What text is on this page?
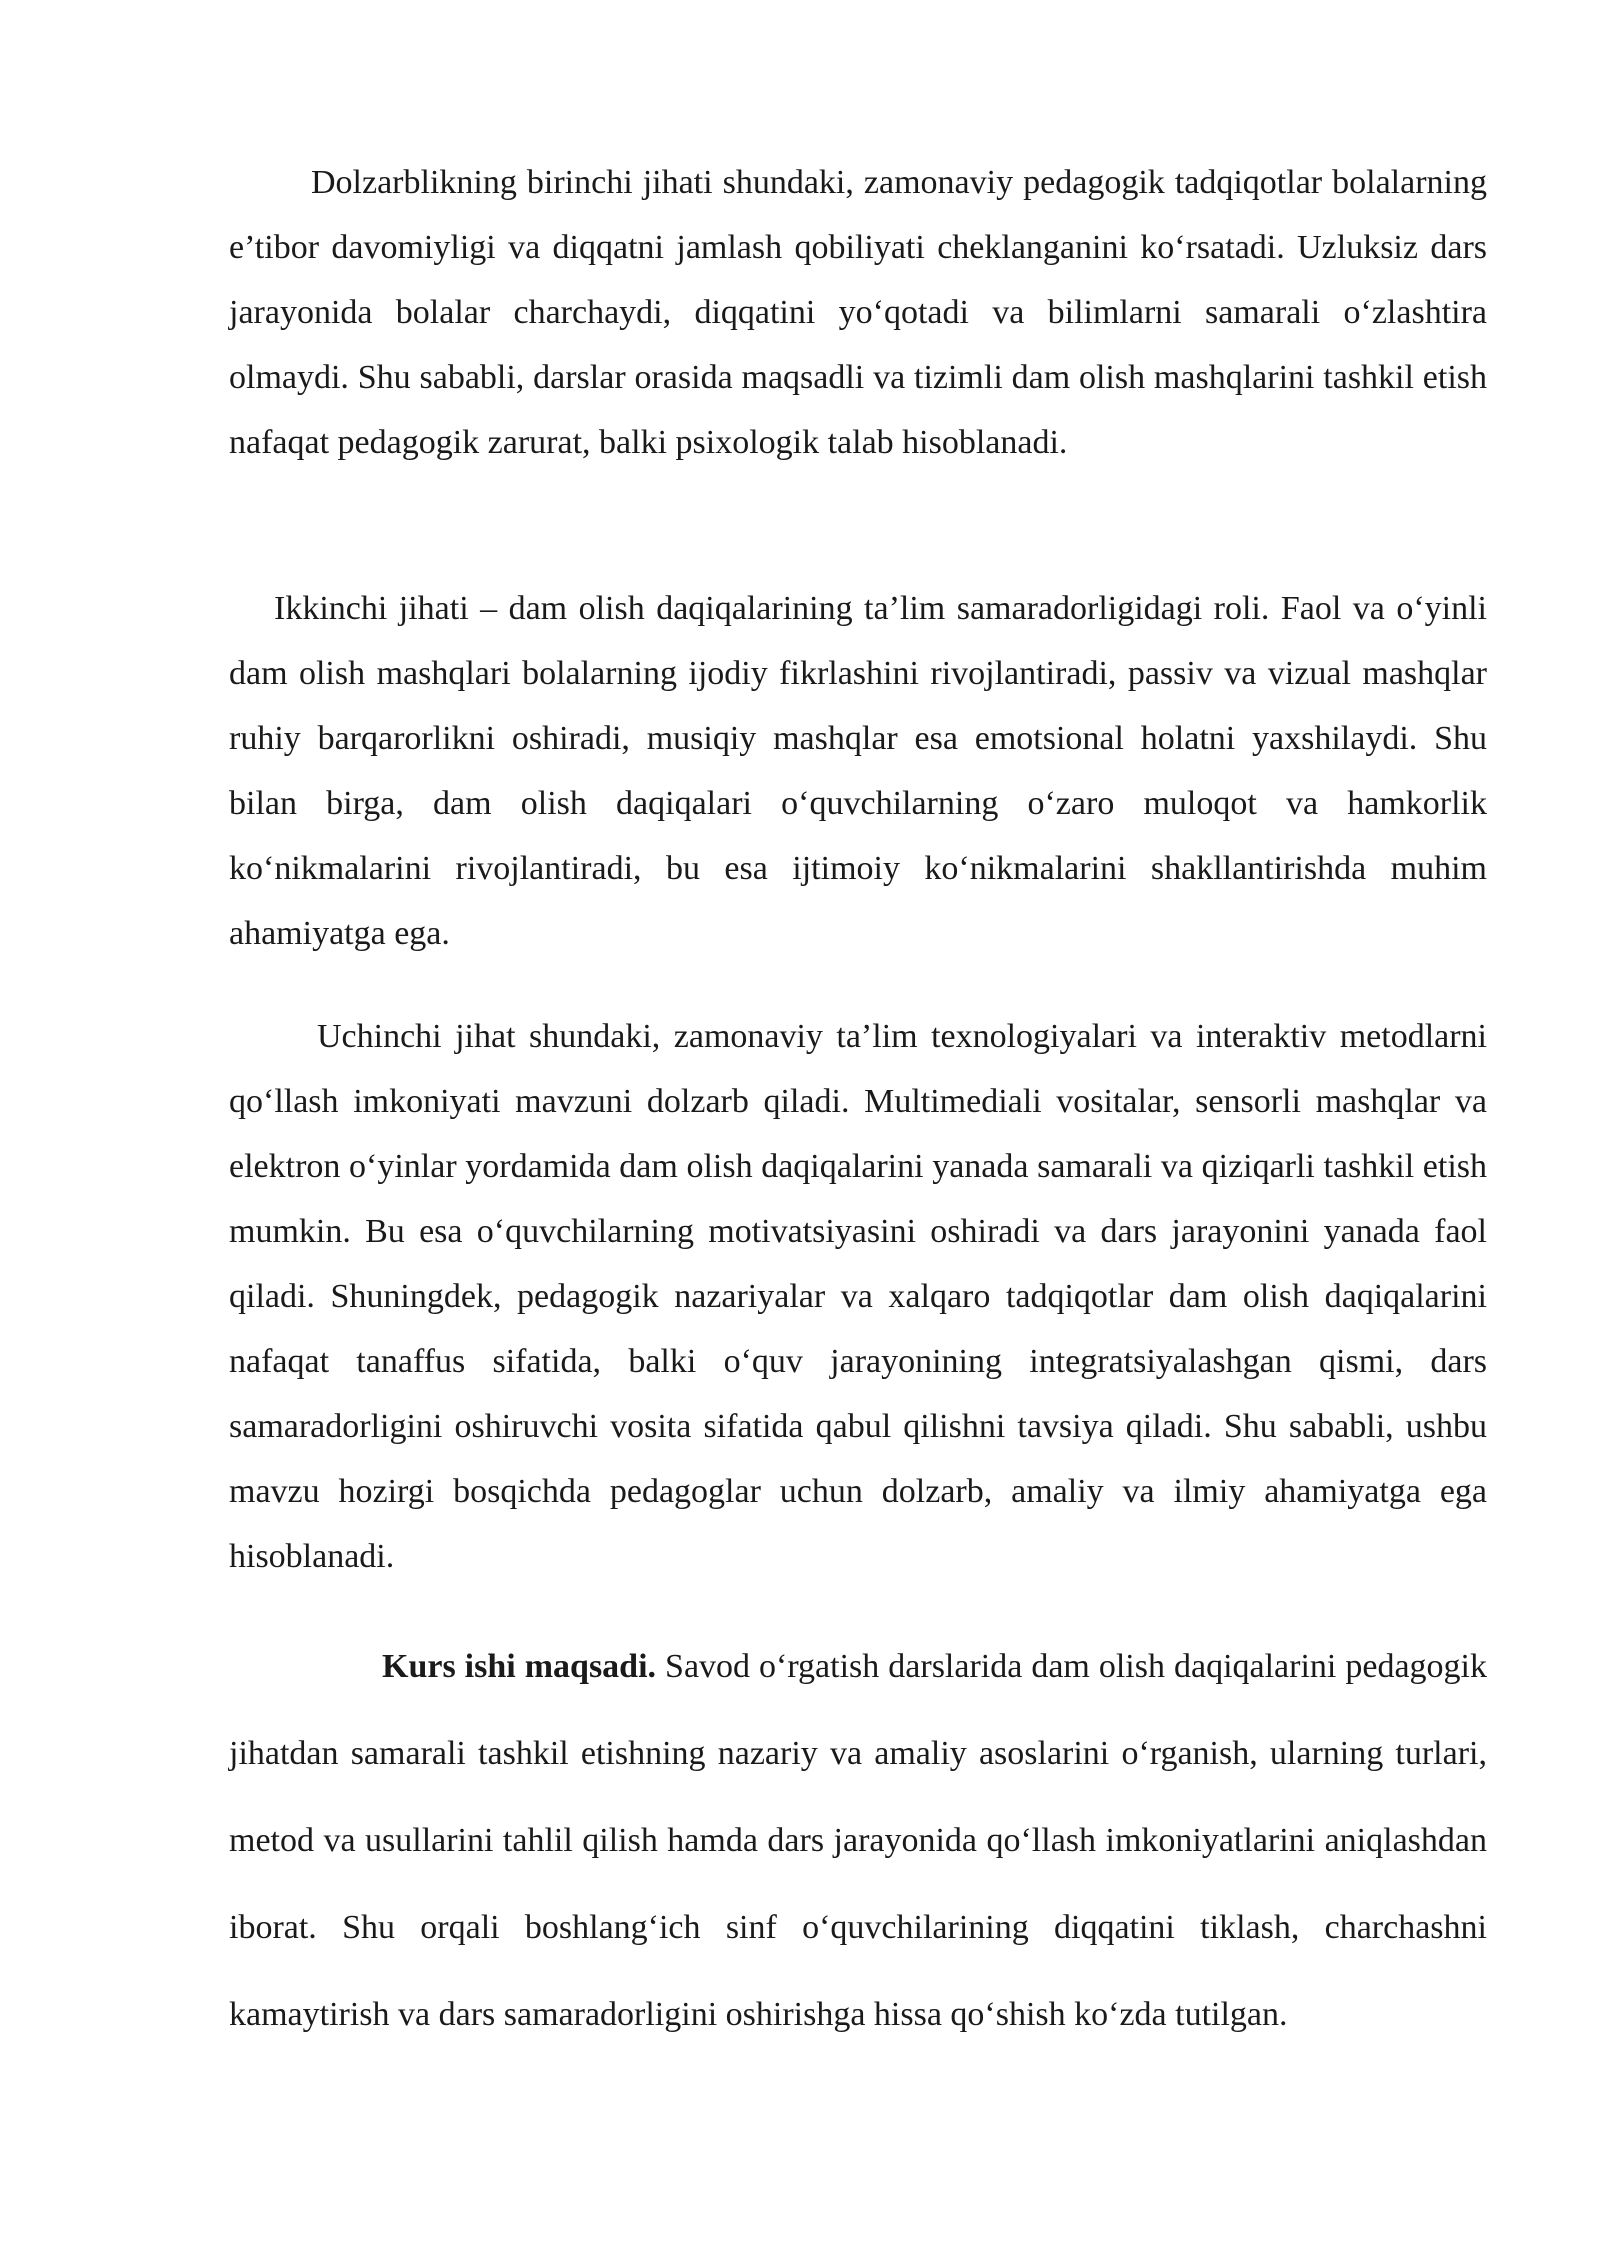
Dolzarblikning birinchi jihati shundaki, zamonaviy pedagogik tadqiqotlar bolalarning e’tibor davomiyligi va diqqatni jamlash qobiliyati cheklanganini ko‘rsatadi. Uzluksiz dars jarayonida bolalar charchaydi, diqqatini yo‘qotadi va bilimlarni samarali o‘zlashtira olmaydi. Shu sababli, darslar orasida maqsadli va tizimli dam olish mashqlarini tashkil etish nafaqat pedagogik zarurat, balki psixologik talab hisoblanadi.

Ikkinchi jihati – dam olish daqiqalarining ta’lim samaradorligidagi roli. Faol va o‘yinli dam olish mashqlari bolalarning ijodiy fikrlashini rivojlantiradi, passiv va vizual mashqlar ruhiy barqarorlikni oshiradi, musiqiy mashqlar esa emotsional holatni yaxshilaydi. Shu bilan birga, dam olish daqiqalari o‘quvchilarning o‘zaro muloqot va hamkorlik ko‘nikmalarini rivojlantiradi, bu esa ijtimoiy ko‘nikmalarini shakllantirishda muhim ahamiyatga ega.

Uchinchi jihat shundaki, zamonaviy ta’lim texnologiyalari va interaktiv metodlarni qo‘llash imkoniyati mavzuni dolzarb qiladi. Multimediali vositalar, sensorli mashqlar va elektron o‘yinlar yordamida dam olish daqiqalarini yanada samarali va qiziqarli tashkil etish mumkin. Bu esa o‘quvchilarning motivatsiyasini oshiradi va dars jarayonini yanada faol qiladi. Shuningdek, pedagogik nazariyalar va xalqaro tadqiqotlar dam olish daqiqalarini nafaqat tanaffus sifatida, balki o‘quv jarayonining integratsiyalashgan qismi, dars samaradorligini oshiruvchi vosita sifatida qabul qilishni tavsiya qiladi. Shu sababli, ushbu mavzu hozirgi bosqichda pedagoglar uchun dolzarb, amaliy va ilmiy ahamiyatga ega hisoblanadi.

Kurs ishi maqsadi. Savod o‘rgatish darslarida dam olish daqiqalarini pedagogik jihatdan samarali tashkil etishning nazariy va amaliy asoslarini o‘rganish, ularning turlari, metod va usullarini tahlil qilish hamda dars jarayonida qo‘llash imkoniyatlarini aniqlashdan iborat. Shu orqali boshlang‘ich sinf o‘quvchilarining diqqatini tiklash, charchashni kamaytirish va dars samaradorligini oshirishga hissa qo‘shish ko‘zda tutilgan.
